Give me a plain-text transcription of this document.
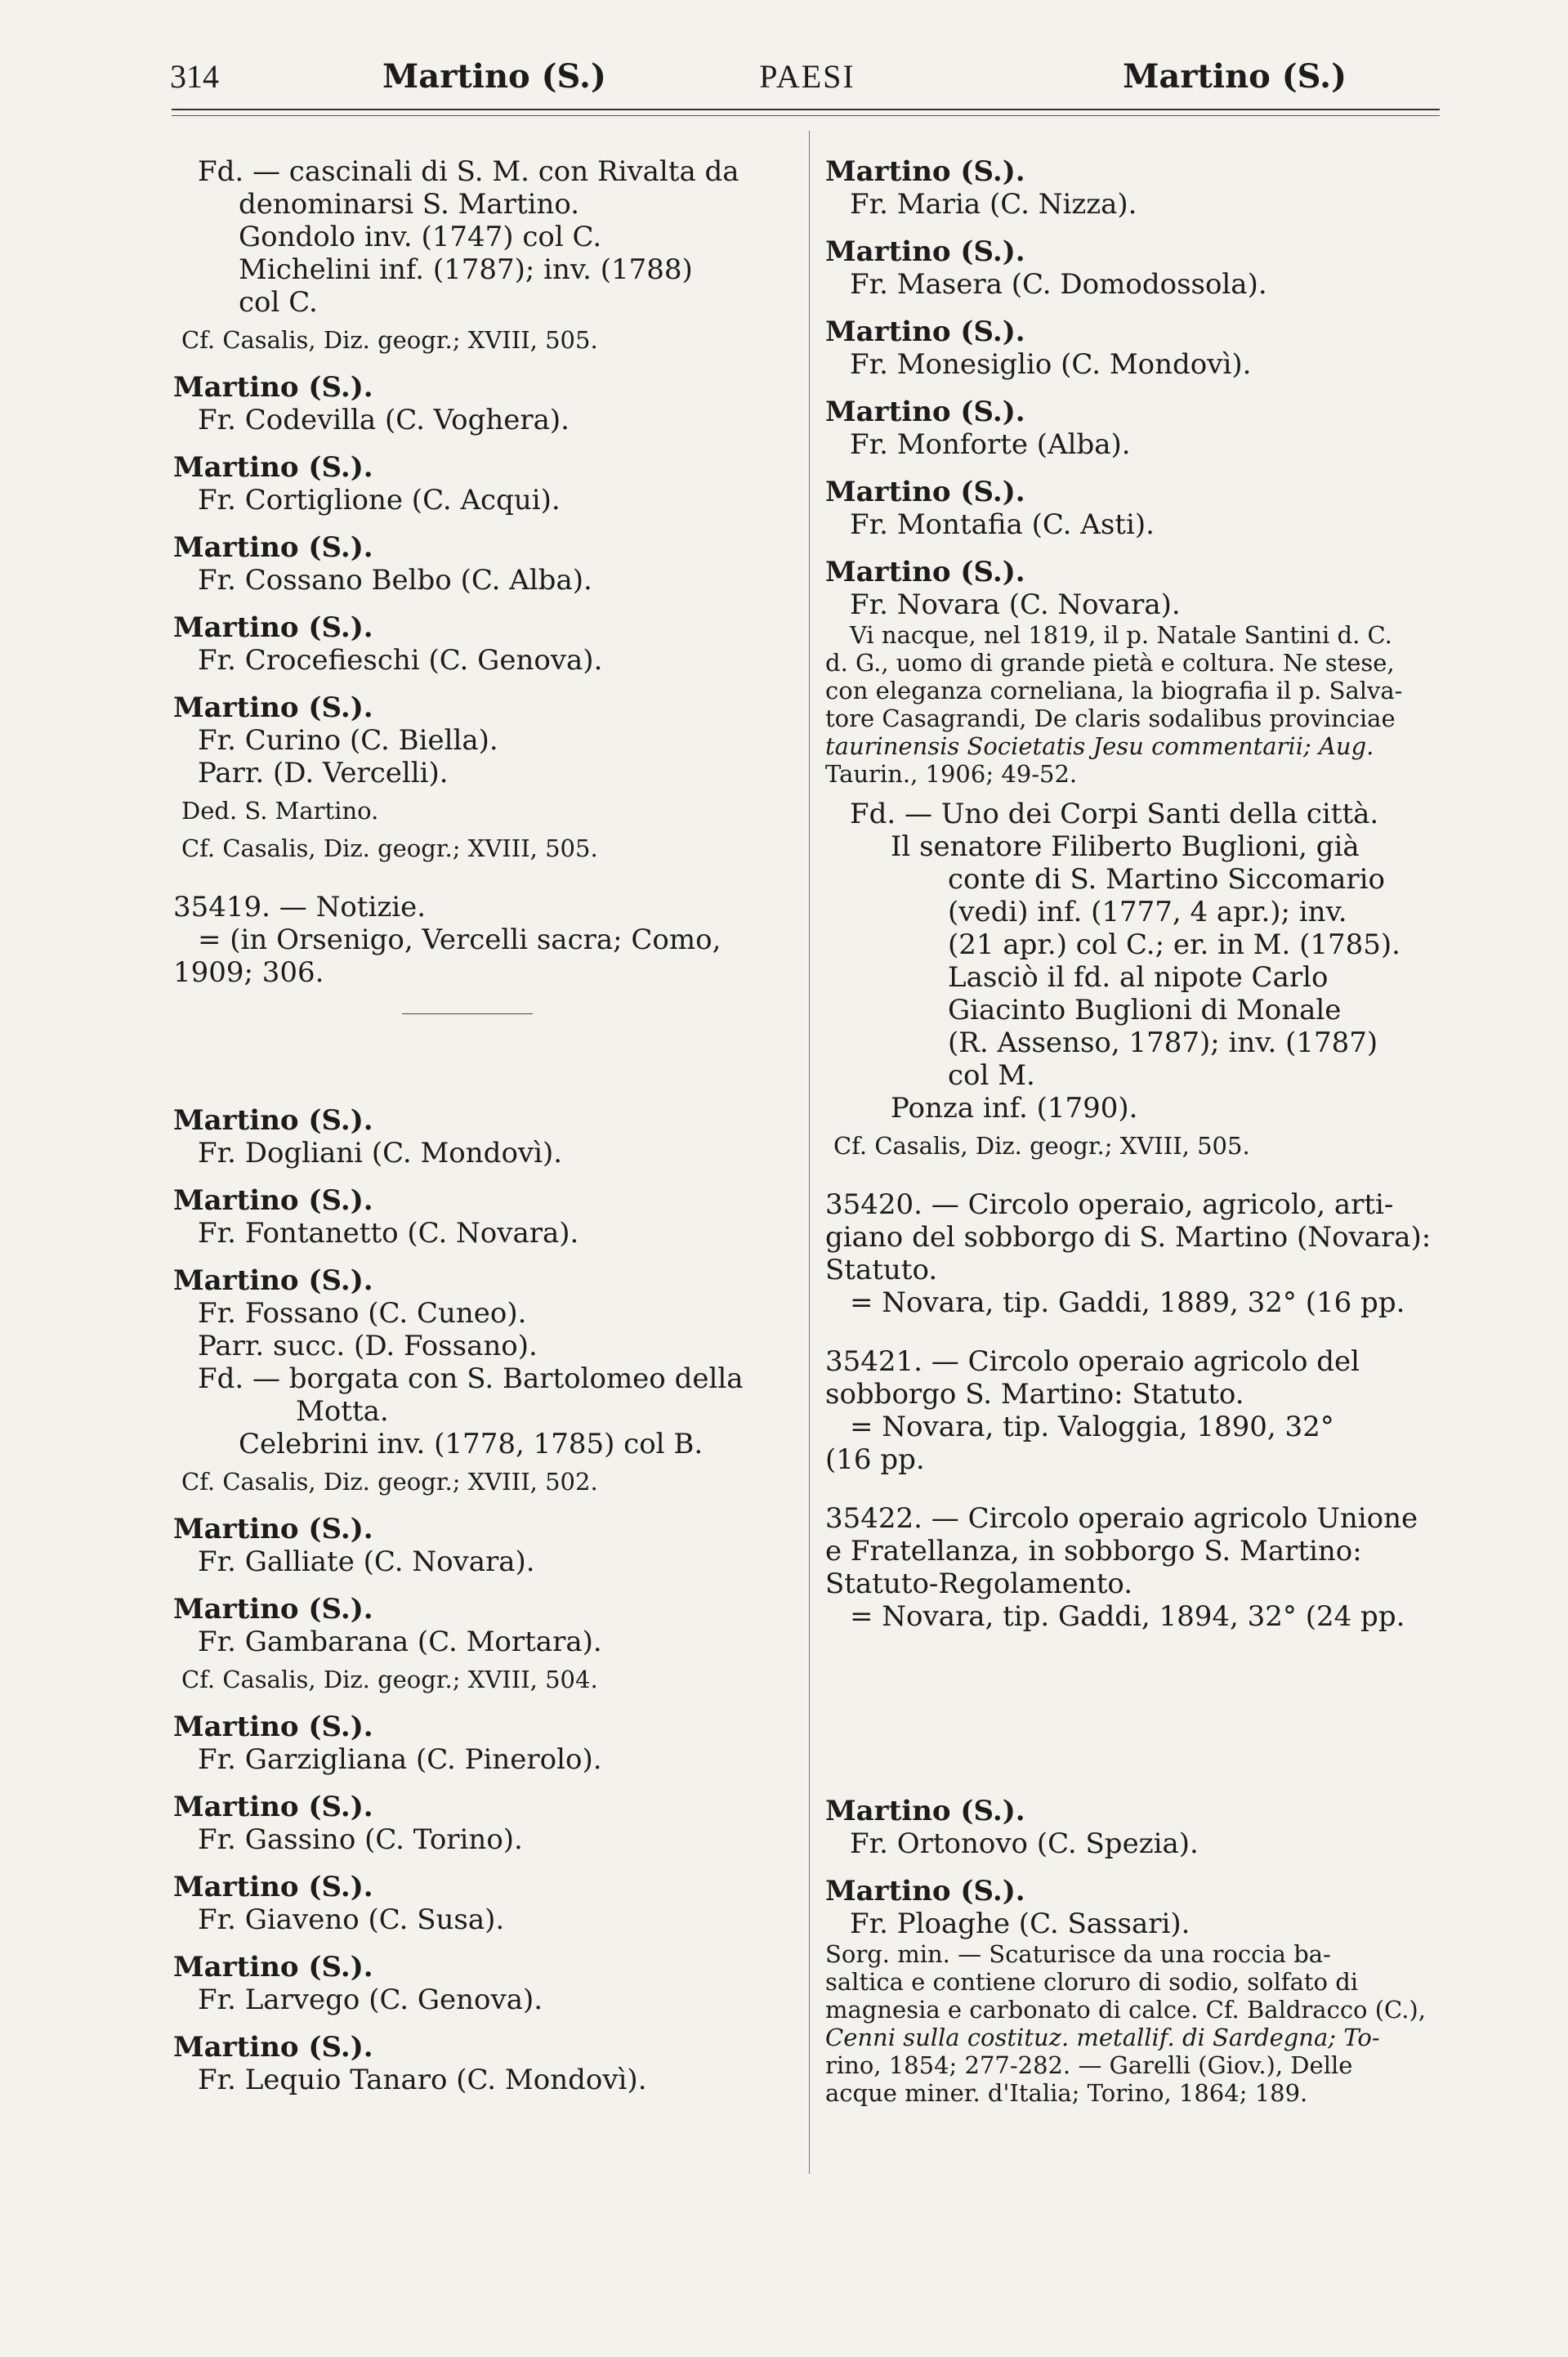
314	Martino (S.)	PAESI	Martino (S.)
Fd. — cascinali di S. M. con Rivalta da
denominarsi S. Martino.
Gondolo inv. (1747) col C.
Michelini inf. (1787); inv. (1788)
col C.
Cf. Casalis, Diz. geogr.; XVIII, 505.
Martino (S.).
Fr. Codevilla (C. Voghera).
Martino (S.).
Fr. Cortiglione (C. Acqui).
Martino (S.).
Fr. Cossano Belbo (C. Alba).
Martino (S.).
Fr. Crocefieschi (C. Genova).
Martino (S.).
Fr. Curino (C. Biella).
Parr. (D. Vercelli).
Ded. S. Martino.
Cf. Casalis, Diz. geogr.; XVIII, 505.
35419. — Notizie.
= (in Orsenigo, Vercelli sacra; Como,
1909; 306.
Martino (S.).
Fr. Dogliani (C. Mondovì).
Martino (S.).
Fr. Fontanetto (C. Novara).
Martino (S.).
Fr. Fossano (C. Cuneo).
Parr. succ. (D. Fossano).
Fd. — borgata con S. Bartolomeo della
Motta.
Celebrini inv. (1778, 1785) col B.
Cf. Casalis, Diz. geogr.; XVIII, 502.
Martino (S.).
Fr. Galliate (C. Novara).
Martino (S.).
Fr. Gambarana (C. Mortara).
Cf. Casalis, Diz. geogr.; XVIII, 504.
Martino (S.).
Fr. Garzigliana (C. Pinerolo).
Martino (S.).
Fr. Gassino (C. Torino).
Martino (S.).
Fr. Giaveno (C. Susa).
Martino (S.).
Fr. Larvego (C. Genova).
Martino (S.).
Fr. Lequio Tanaro (C. Mondovì).
Martino (S.).
Fr. Maria (C. Nizza).
Martino (S.).
Fr. Masera (C. Domodossola).
Martino (S.).
Fr. Monesiglio (C. Mondovì).
Martino (S.).
Fr. Monforte (Alba).
Martino (S.).
Fr. Montafia (C. Asti).
Martino (S.).
Fr. Novara (C. Novara).
Vi nacque, nel 1819, il p. Natale Santini d. C.
d. G., uomo di grande pietà e coltura. Ne stese,
con eleganza corneliana, la biografia il p. Salva-
tore Casagrandi, De claris sodalibus provinciae
taurinensis Societatis Jesu commentarii; Aug.
Taurin., 1906; 49-52.
Fd. — Uno dei Corpi Santi della città.
Il senatore Filiberto Buglioni, già
conte di S. Martino Siccomario
(vedi) inf. (1777, 4 apr.); inv.
(21 apr.) col C.; er. in M. (1785).
Lasciò il fd. al nipote Carlo
Giacinto Buglioni di Monale
(R. Assenso, 1787); inv. (1787)
col M.
Ponza inf. (1790).
Cf. Casalis, Diz. geogr.; XVIII, 505.
35420. — Circolo operaio, agricolo, arti-
giano del sobborgo di S. Martino (Novara):
Statuto.
= Novara, tip. Gaddi, 1889, 32° (16 pp.
35421. — Circolo operaio agricolo del
sobborgo S. Martino: Statuto.
= Novara, tip. Valoggia, 1890, 32°
(16 pp.
35422. — Circolo operaio agricolo Unione
e Fratellanza, in sobborgo S. Martino:
Statuto-Regolamento.
= Novara, tip. Gaddi, 1894, 32° (24 pp.
Martino (S.).
Fr. Ortonovo (C. Spezia).
Martino (S.).
Fr. Ploaghe (C. Sassari).
Sorg. min. — Scaturisce da una roccia ba-
saltica e contiene cloruro di sodio, solfato di
magnesia e carbonato di calce. Cf. Baldracco (C.),
Cenni sulla costituz. metallif. di Sardegna; To-
rino, 1854; 277-282. — Garelli (Giov.), Delle
acque miner. d'Italia; Torino, 1864; 189.
